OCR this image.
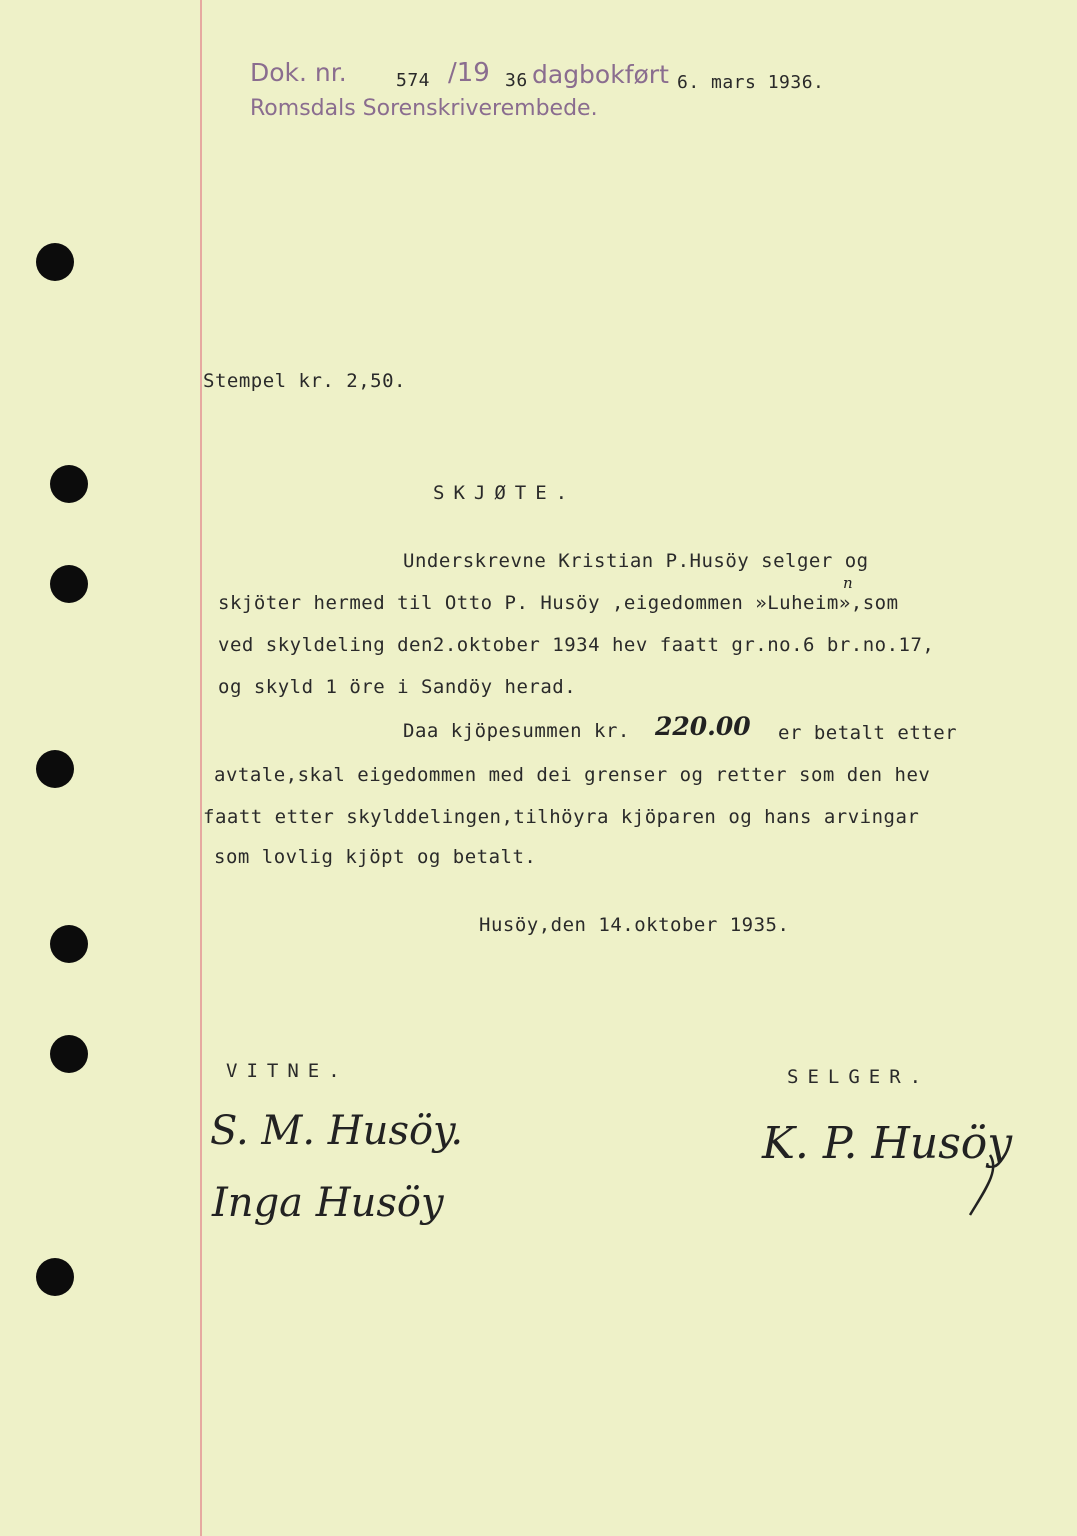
Dok. nr.	574 /19 36 dagbokført 6. mars 1936.
Romsdals Sorenskriverembede.
Stempel kr. 2,50.
SKJØTE.
Underskrevne Kristian P.Husöy selger og
skjöter hermed til Otto P. Husöy ,eigedommen »Luheim»,som
n
ved skyldeling den2.oktober 1934 hev faatt gr.no.6 br.no.17,
og skyld 1 öre i Sandöy herad.
Daa kjöpesummen kr. 220.00 er betalt etter
avtale,skal eigedommen med dei grenser og retter som den hev
faatt etter skylddelingen,tilhöyra kjöparen og hans arvingar
som lovlig kjöpt og betalt.
Husöy,den 14.oktober 1935.
VITNE.	SELGER.
S. M. Husöy.
Inga Husöy
K. P. Husöy
